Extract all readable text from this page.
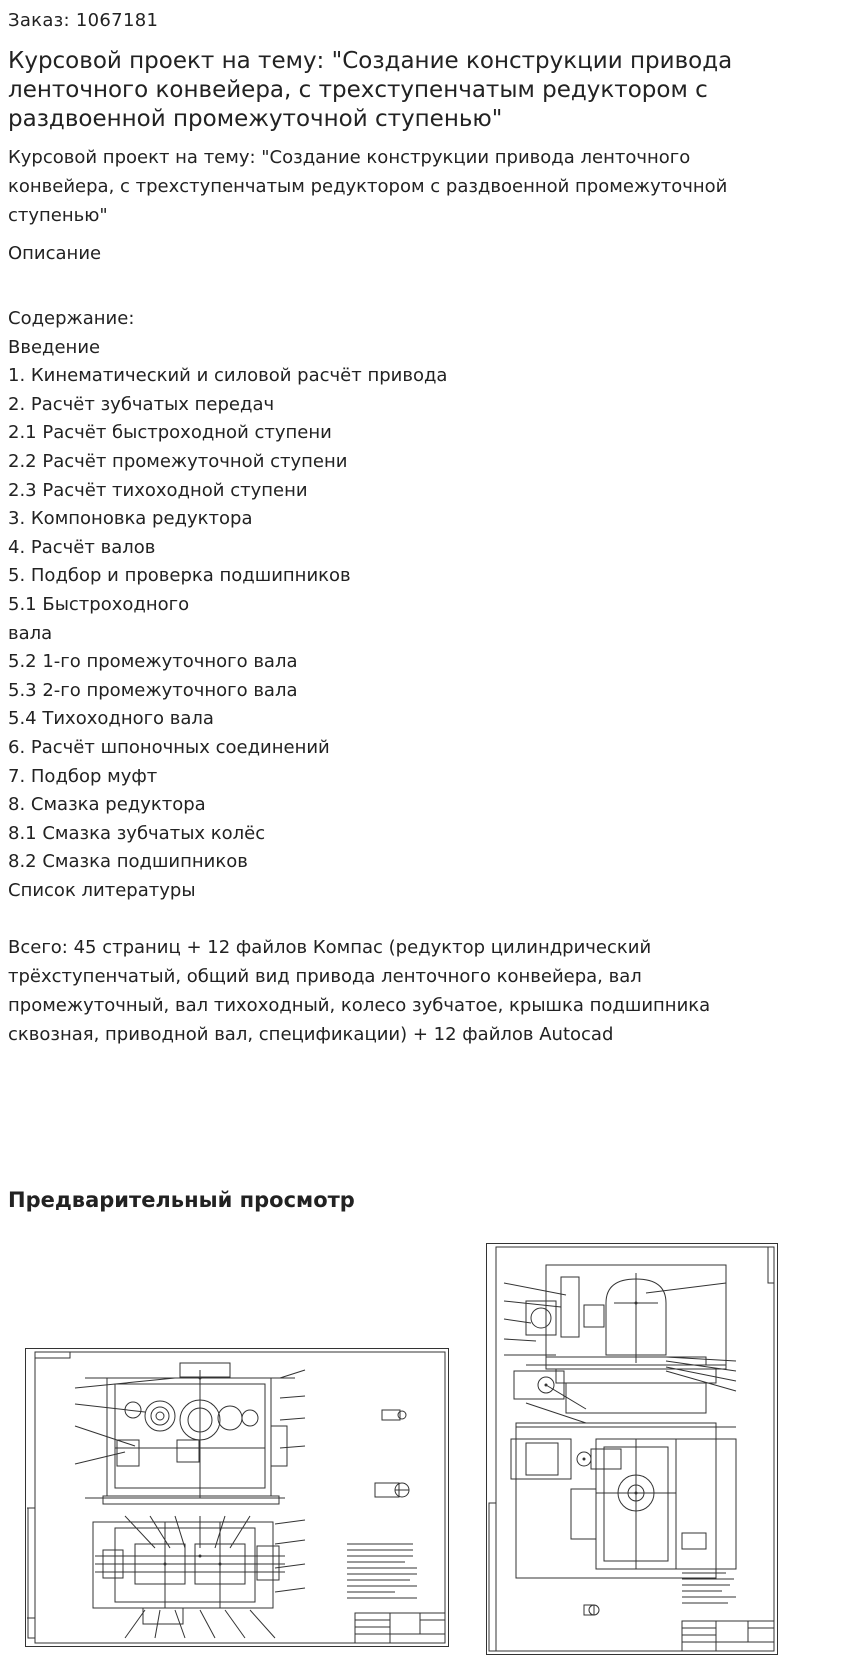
Заказ: 1067181
Курсовой проект на тему: "Создание конструкции привода ленточного конвейера, с трехступенчатым редуктором с раздвоенной промежуточной ступенью"
Курсовой проект на тему: "Создание конструкции привода ленточного конвейера, с трехступенчатым редуктором с раздвоенной промежуточной ступенью"
Описание
Содержание:
Введение
1. Кинематический и силовой расчёт привода
2. Расчёт зубчатых передач
2.1 Расчёт быстроходной ступени
2.2 Расчёт промежуточной ступени
2.3 Расчёт тихоходной ступени
3. Компоновка редуктора
4. Расчёт валов
5. Подбор и проверка подшипников
5.1 Быстроходного
вала
5.2 1-го промежуточного вала
5.3 2-го промежуточного вала
5.4 Тихоходного вала
6. Расчёт шпоночных соединений
7. Подбор муфт
8. Смазка редуктора
8.1 Смазка зубчатых колёс
8.2 Смазка подшипников
Список литературы
Всего: 45 страниц + 12 файлов Компас (редуктор цилиндрический трёхступенчатый, общий вид привода ленточного конвейера, вал промежуточный, вал тихоходный, колесо зубчатое, крышка подшипника сквозная, приводной вал, спецификации) + 12 файлов Autocad
Предварительный просмотр
